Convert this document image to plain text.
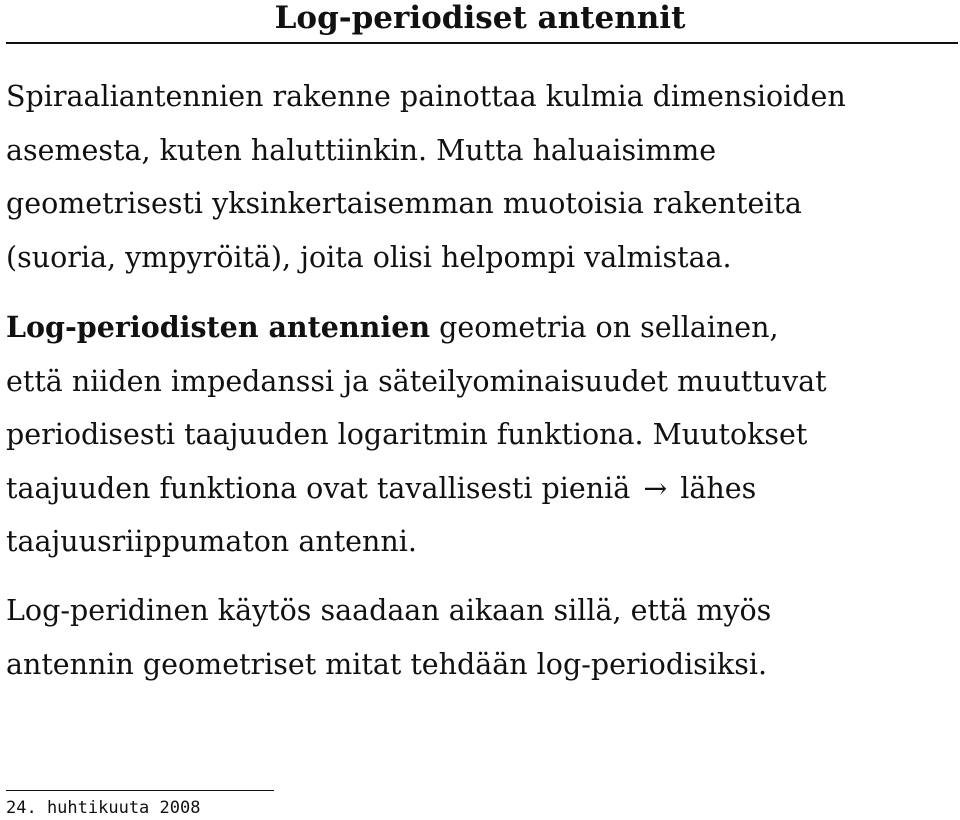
Log-periodiset antennit

Spiraaliantennien rakenne painottaa kulmia dimensioiden
asemesta, kuten haluttiinkin. Mutta haluaisimme
geometrisesti yksinkertaisemman muotoisia rakenteita
(suoria, ympyröitä), joita olisi helpompi valmistaa.

Log-periodisten antennien geometria on sellainen,
että niiden impedanssi ja säteilyominaisuudet muuttuvat
periodisesti taajuuden logaritmin funktiona. Muutokset
taajuuden funktiona ovat tavallisesti pieniä → lähes
taajuusriippumaton antenni.

Log-peridinen käytös saadaan aikaan sillä, että myös
antennin geometriset mitat tehdään log-periodisiksi.

24. huhtikuuta 2008
